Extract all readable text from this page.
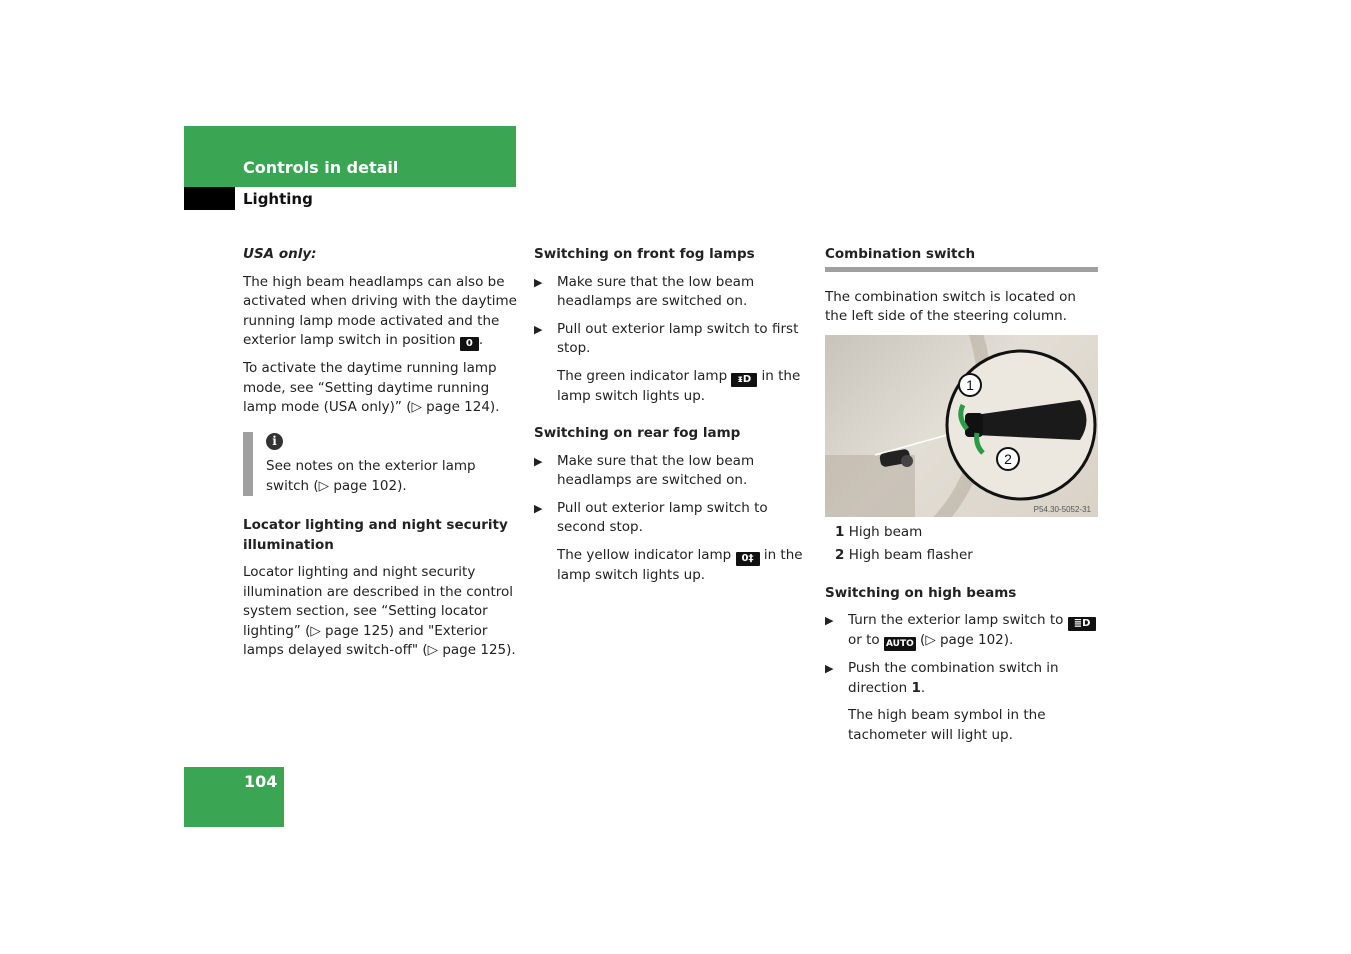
Controls in detail
Lighting

USA only:

The high beam headlamps can also be activated when driving with the daytime running lamp mode activated and the exterior lamp switch in position 0 .

To activate the daytime running lamp mode, see “Setting daytime running lamp mode (USA only)” (▷ page 124).

i
See notes on the exterior lamp switch (▷ page 102).
Locator lighting and night security illumination

Locator lighting and night security illumination are described in the control system section, see “Setting locator lighting” (▷ page 125) and "Exterior lamps delayed switch-off" (▷ page 125).

Switching on front fog lamps
▶ Make sure that the low beam headlamps are switched on.
▶ Pull out exterior lamp switch to first stop.
The green indicator lamp ᵻD in the lamp switch lights up.
Switching on rear fog lamp
▶ Make sure that the low beam headlamps are switched on.
▶ Pull out exterior lamp switch to second stop.
The yellow indicator lamp 0‡ in the lamp switch lights up.
Combination switch

The combination switch is located on the left side of the steering column.

1
2
P54.30-5052-31
1 High beam
2 High beam flasher
Switching on high beams
▶ Turn the exterior lamp switch to ≣D or to AUTO (▷ page 102).
▶ Push the combination switch in direction 1.
The high beam symbol in the tachometer will light up.
104
